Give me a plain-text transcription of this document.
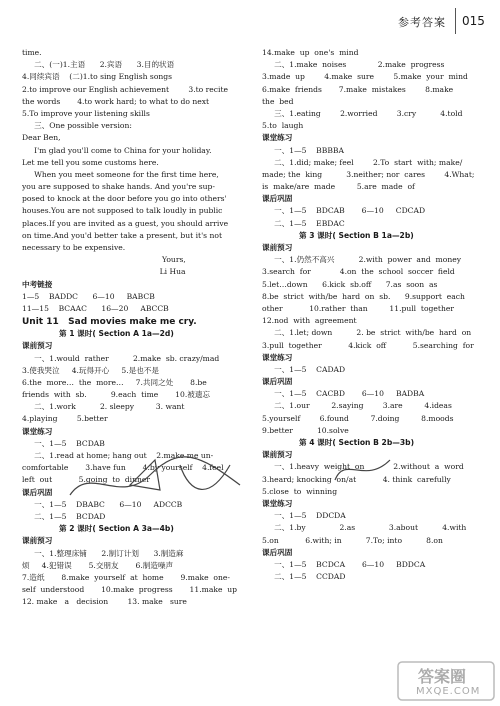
参考答案 015
time.
二、(一)1.主语      2.宾语      3.目的状语
4.同续宾语    (二)1.to sing English songs
2.to improve our English achievement        3.to recite
the words       4.to work hard; to what to do next
5.To improve your listening skills
三、One possible version:
Dear Ben,
I'm glad you'll come to China for your holiday.
Let me tell you some customs here.
When you meet someone for the first time here,
you are supposed to shake hands. And you're sup-
posed to knock at the door before you go into others'
houses.You are not supposed to talk loudly in public
places.If you are invited as a guest, you should arrive
on time.And you'd better take a present, but it's not
necessary to be expensive.
Yours,
Li Hua
中考链接
1—5    BADDC      6—10     BABCB
11—15    BCAAC      16—20     ABCCB
Unit 11   Sad movies make me cry.
第 1 课时( Section A 1a—2d)
课前预习
一、1.would  rather          2.make  sb. crazy/mad
3.使我哭泣     4.玩得开心     5.是也不是
6.the  more…  the  more…     7.共同之处       8.be
friends  with  sb.          9.each  time       10.被遗忘
二、1.work          2. sleepy         3. want
4.playing        5.better
课堂练习
一、1—5    BCDAB
二、1.read at home; hang out    2.make me un-
comfortable       3.have fun       4.by yourself    4.feel
left  out           5.going  to  dinner
课后巩固
一、1—5    DBABC      6—10     ADCCB
二、1—5    BCDAD
第 2 课时( Section A 3a—4b)
课前预习
一、1.整理床铺      2.制订计划      3.制造麻
烦     4.犯错误       5.交朋友       6.制造噪声
7.造纸       8.make  yourself  at  home       9.make  one-
self  understood       10.make  progress       11.make  up
12. make   a   decision        13. make   sure
14.make  up  one's  mind
二、1.make  noises             2.make  progress
3.made  up        4.make  sure        5.make  your  mind
6.make  friends       7.make  mistakes        8.make
the  bed
三、1.eating        2.worried        3.cry          4.told
5.to  laugh
课堂练习
一、1—5    BBBBA
二、1.did; make; feel        2.To  start  with; make/
made; the  king          3.neither; nor  cares        4.What;
is  make/are  made         5.are  made  of
课后巩固
一、1—5    BDCAB       6—10     CDCAD
二、1—5    EBDAC
第 3 课时( Section B 1a—2b)
课前预习
一、1.仍然不高兴          2.with  power  and  money
3.search  for            4.on  the  school  soccer  field
5.let…down      6.kick  sb.off      7.as  soon  as
8.be  strict  with/be  hard  on  sb.      9.support  each
other           10.rather  than         11.pull  together
12.nod  with  agreement
二、1.let; down          2. be  strict  with/be  hard  on
3.pull  together           4.kick  off           5.searching  for
课堂练习
一、1—5    CADAD
课后巩固
一、1—5    CACBD       6—10     BADBA
二、1.our         2.saying        3.are         4.ideas
5.yourself        6.found         7.doing         8.moods
9.better          10.solve
第 4 课时( Section B 2b—3b)
课前预习
一、1.heavy  weight  on            2.without  a  word
3.heard; knocking  on/at           4. think  carefully
5.close  to  winning
课堂练习
一、1—5    DDCDA
二、1.by              2.as              3.about          4.with
5.on           6.with; in          7.To; into          8.on
课后巩固
一、1—5    BCDCA       6—10     BDDCA
二、1—5    CCDAD
答案圈
MXQE.COM
